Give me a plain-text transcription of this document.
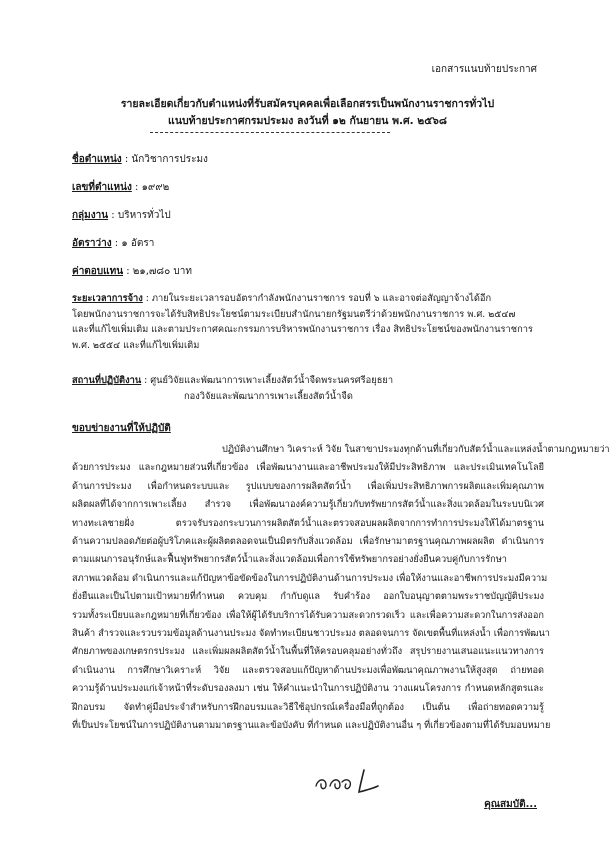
เอกสารแนบท้ายประกาศ
รายละเอียดเกี่ยวกับตำแหน่งที่รับสมัครบุคคลเพื่อเลือกสรรเป็นพนักงานราชการทั่วไป
แนบท้ายประกาศกรมประมง ลงวันที่ ๑๒ กันยายน พ.ศ. ๒๕๖๘
ชื่อตำแหน่ง : นักวิชาการประมง
เลขที่ตำแหน่ง : ๑๙๙๒
กลุ่มงาน : บริหารทั่วไป
อัตราว่าง : ๑ อัตรา
ค่าตอบแทน : ๒๑,๗๘๐ บาท
ระยะเวลาการจ้าง : ภายในระยะเวลารอบอัตรากำลังพนักงานราชการ รอบที่ ๖ และอาจต่อสัญญาจ้างได้อีก
โดยพนักงานราชการจะได้รับสิทธิประโยชน์ตามระเบียบสำนักนายกรัฐมนตรีว่าด้วยพนักงานราชการ พ.ศ. ๒๕๔๗
และที่แก้ไขเพิ่มเติม และตามประกาศคณะกรรมการบริหารพนักงานราชการ เรื่อง สิทธิประโยชน์ของพนักงานราชการ
พ.ศ. ๒๕๕๔ และที่แก้ไขเพิ่มเติม
สถานที่ปฏิบัติงาน : ศูนย์วิจัยและพัฒนาการเพาะเลี้ยงสัตว์น้ำจืดพระนครศรีอยุธยา
กองวิจัยและพัฒนาการเพาะเลี้ยงสัตว์น้ำจืด
ขอบข่ายงานที่ให้ปฏิบัติ
ปฏิบัติงานศึกษา วิเคราะห์ วิจัย ในสาขาประมงทุกด้านที่เกี่ยวกับสัตว์น้ำและแหล่งน้ำตามกฎหมายว่า
ด้วยการประมง และกฎหมายส่วนที่เกี่ยวข้อง เพื่อพัฒนางานและอาชีพประมงให้มีประสิทธิภาพ และประเมินเทคโนโลยี
ด้านการประมง เพื่อกำหนดระบบและ รูปแบบของการผลิตสัตว์น้ำ เพื่อเพิ่มประสิทธิภาพการผลิตและเพิ่มคุณภาพ
ผลิตผลที่ได้จากการเพาะเลี้ยง สำรวจ เพื่อพัฒนาองค์ความรู้เกี่ยวกับทรัพยากรสัตว์น้ำและสิ่งแวดล้อมในระบบนิเวศ
ทางทะเลชายฝั่ง ตรวจรับรองกระบวนการผลิตสัตว์น้ำและตรวจสอบผลผลิตจากการทำการประมงให้ได้มาตรฐาน
ด้านความปลอดภัยต่อผู้บริโภคและผู้ผลิตตลอดจนเป็นมิตรกับสิ่งแวดล้อม เพื่อรักษามาตรฐานคุณภาพผลผลิต ดำเนินการ
ตามแผนการอนุรักษ์และฟื้นฟูทรัพยากรสัตว์น้ำและสิ่งแวดล้อมเพื่อการใช้ทรัพยากรอย่างยั่งยืนควบคู่กับการรักษา
สภาพแวดล้อม ดำเนินการและแก้ปัญหาข้อขัดข้องในการปฏิบัติงานด้านการประมง เพื่อให้งานและอาชีพการประมงมีความ
ยั่งยืนและเป็นไปตามเป้าหมายที่กำหนด ควบคุม กำกับดูแล รับคำร้อง ออกใบอนุญาตตามพระราชบัญญัติประมง
รวมทั้งระเบียบและกฎหมายที่เกี่ยวข้อง เพื่อให้ผู้ได้รับบริการได้รับความสะดวกรวดเร็ว และเพื่อความสะดวกในการส่งออก
สินค้า สำรวจและรวบรวมข้อมูลด้านงานประมง จัดทำทะเบียนชาวประมง ตลอดจนการ จัดเขตพื้นที่แหล่งน้ำ เพื่อการพัฒนา
ศักยภาพของเกษตรกรประมง และเพิ่มผลผลิตสัตว์น้ำในพื้นที่ให้ครอบคลุมอย่างทั่วถึง สรุปรายงานเสนอแนะแนวทางการ
ดำเนินงาน การศึกษาวิเคราะห์ วิจัย และตรวจสอบแก้ปัญหาด้านประมงเพื่อพัฒนาคุณภาพงานให้สูงสุด ถ่ายทอด
ความรู้ด้านประมงแก่เจ้าหน้าที่ระดับรองลงมา เช่น ให้คำแนะนำในการปฏิบัติงาน วางแผนโครงการ กำหนดหลักสูตรและ
ฝึกอบรม จัดทำคู่มือประจำสำหรับการฝึกอบรมและวิธีใช้อุปกรณ์เครื่องมือที่ถูกต้อง เป็นต้น เพื่อถ่ายทอดความรู้
ที่เป็นประโยชน์ในการปฏิบัติงานตามมาตรฐานและข้อบังคับ ที่กำหนด และปฏิบัติงานอื่น ๆ ที่เกี่ยวข้องตามที่ได้รับมอบหมาย
คุณสมบัติ...
